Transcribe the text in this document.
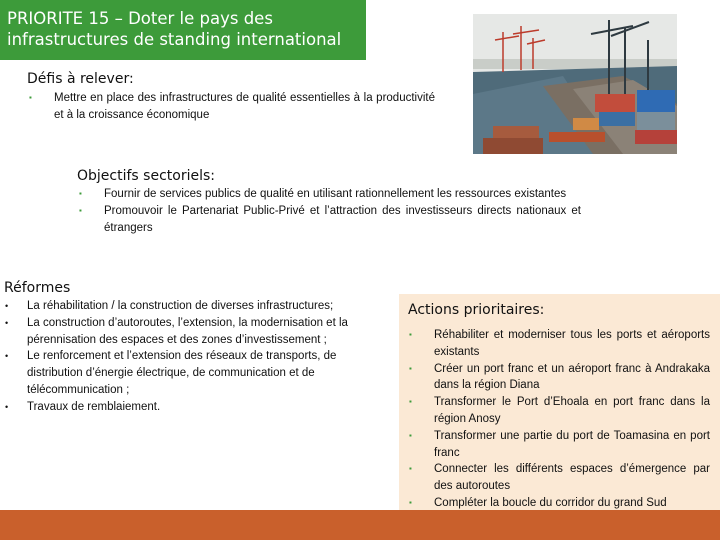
PRIORITE 15 – Doter le pays des
infrastructures de standing international
Défis à relever:
▪ Mettre en place des infrastructures de qualité essentielles à la productivité et à la croissance économique
Objectifs sectoriels:
▪ Fournir de services publics de qualité en utilisant rationnellement les ressources existantes
▪ Promouvoir le Partenariat Public-Privé et l’attraction des investisseurs directs nationaux et étrangers
Réformes
• La réhabilitation / la construction de diverses infrastructures;
• La construction d’autoroutes, l’extension, la modernisation et la pérennisation des espaces et des zones d’investissement ;
• Le renforcement et l’extension des réseaux de transports, de distribution d’énergie électrique, de communication et de télécommunication ;
• Travaux de remblaiement.
Actions prioritaires:
▪ Réhabiliter et moderniser tous les ports et aéroports existants
▪ Créer un port franc et un aéroport franc à Andrakaka dans la région Diana
▪ Transformer le Port d’Ehoala en port franc dans la région Anosy
▪ Transformer une partie du port de Toamasina en port franc
▪ Connecter les différents espaces d’émergence par des autoroutes
▪ Compléter la boucle du corridor du grand Sud
